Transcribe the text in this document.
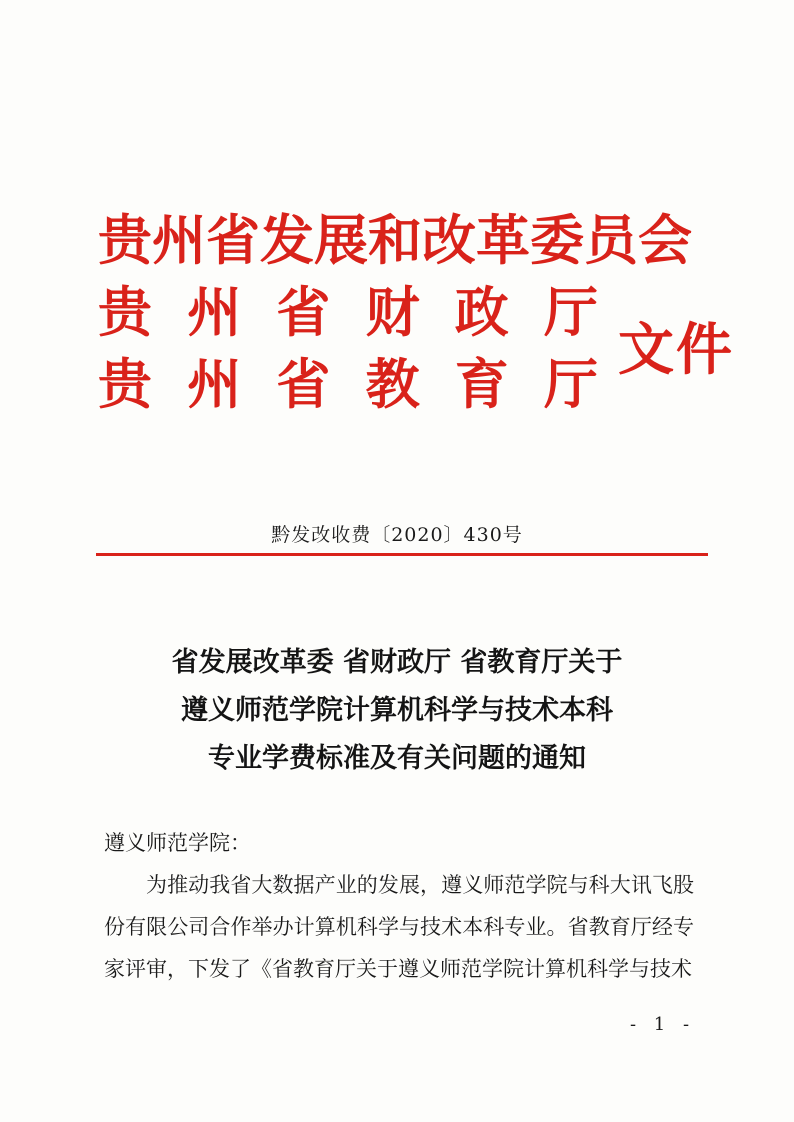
贵 州 省 发 展 和 改 革 委 员 会
贵 州 省 财 政 厅
贵 州 省 教 育 厅
文件
黔发改收费〔2020〕430号
省发展改革委 省财政厅 省教育厅关于
遵义师范学院计算机科学与技术本科
专业学费标准及有关问题的通知
遵义师范学院：
为推动我省大数据产业的发展，遵义师范学院与科大讯飞股份有限公司合作举办计算机科学与技术本科专业。省教育厅经专家评审，下发了《省教育厅关于遵义师范学院计算机科学与技术
- 1 -
